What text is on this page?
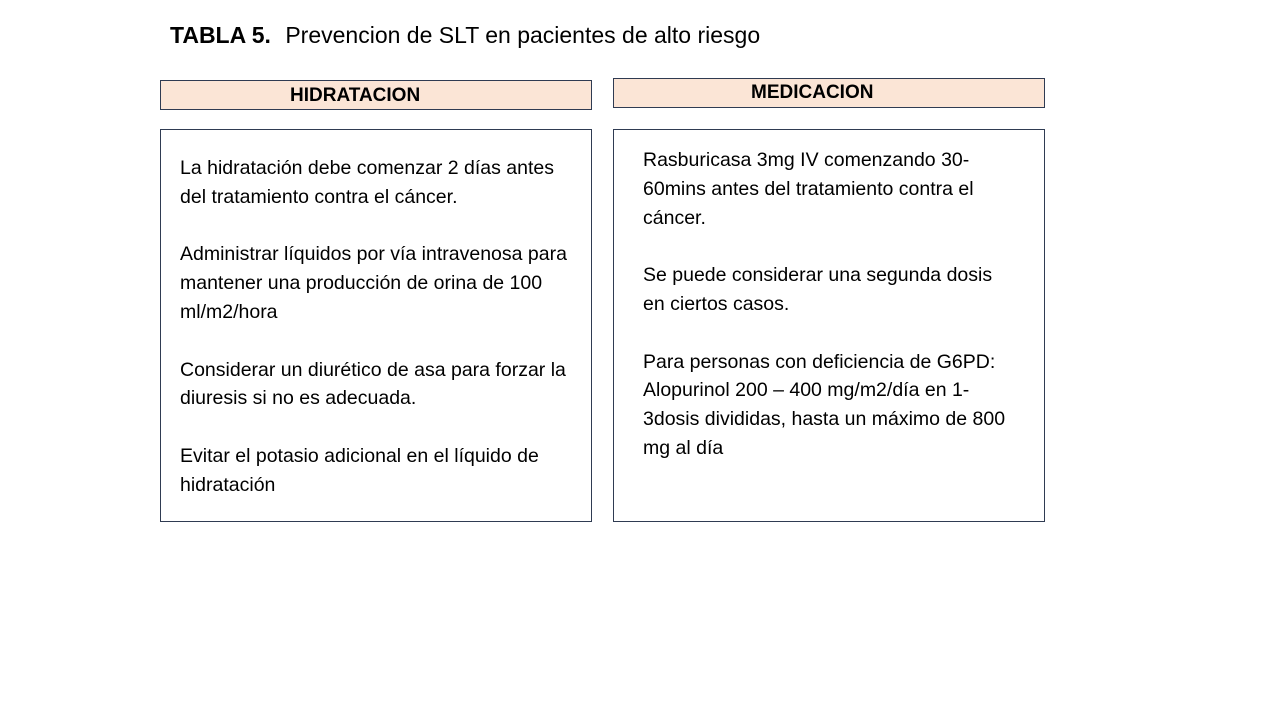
TABLA 5. Prevencion de SLT en pacientes de alto riesgo
HIDRATACION	MEDICACION

La hidratación debe comenzar 2 días antes del tratamiento contra el cáncer.

Administrar líquidos por vía intravenosa para mantener una producción de orina de 100 ml/m2/hora

Considerar un diurético de asa para forzar la diuresis si no es adecuada.

Evitar el potasio adicional en el líquido de hidratación

Rasburicasa 3mg IV comenzando 30-60mins antes del tratamiento contra el cáncer.

Se puede considerar una segunda dosis en ciertos casos.

Para personas con deficiencia de G6PD: Alopurinol 200 – 400 mg/m2/día en 1-3dosis divididas, hasta un máximo de 800 mg al día
